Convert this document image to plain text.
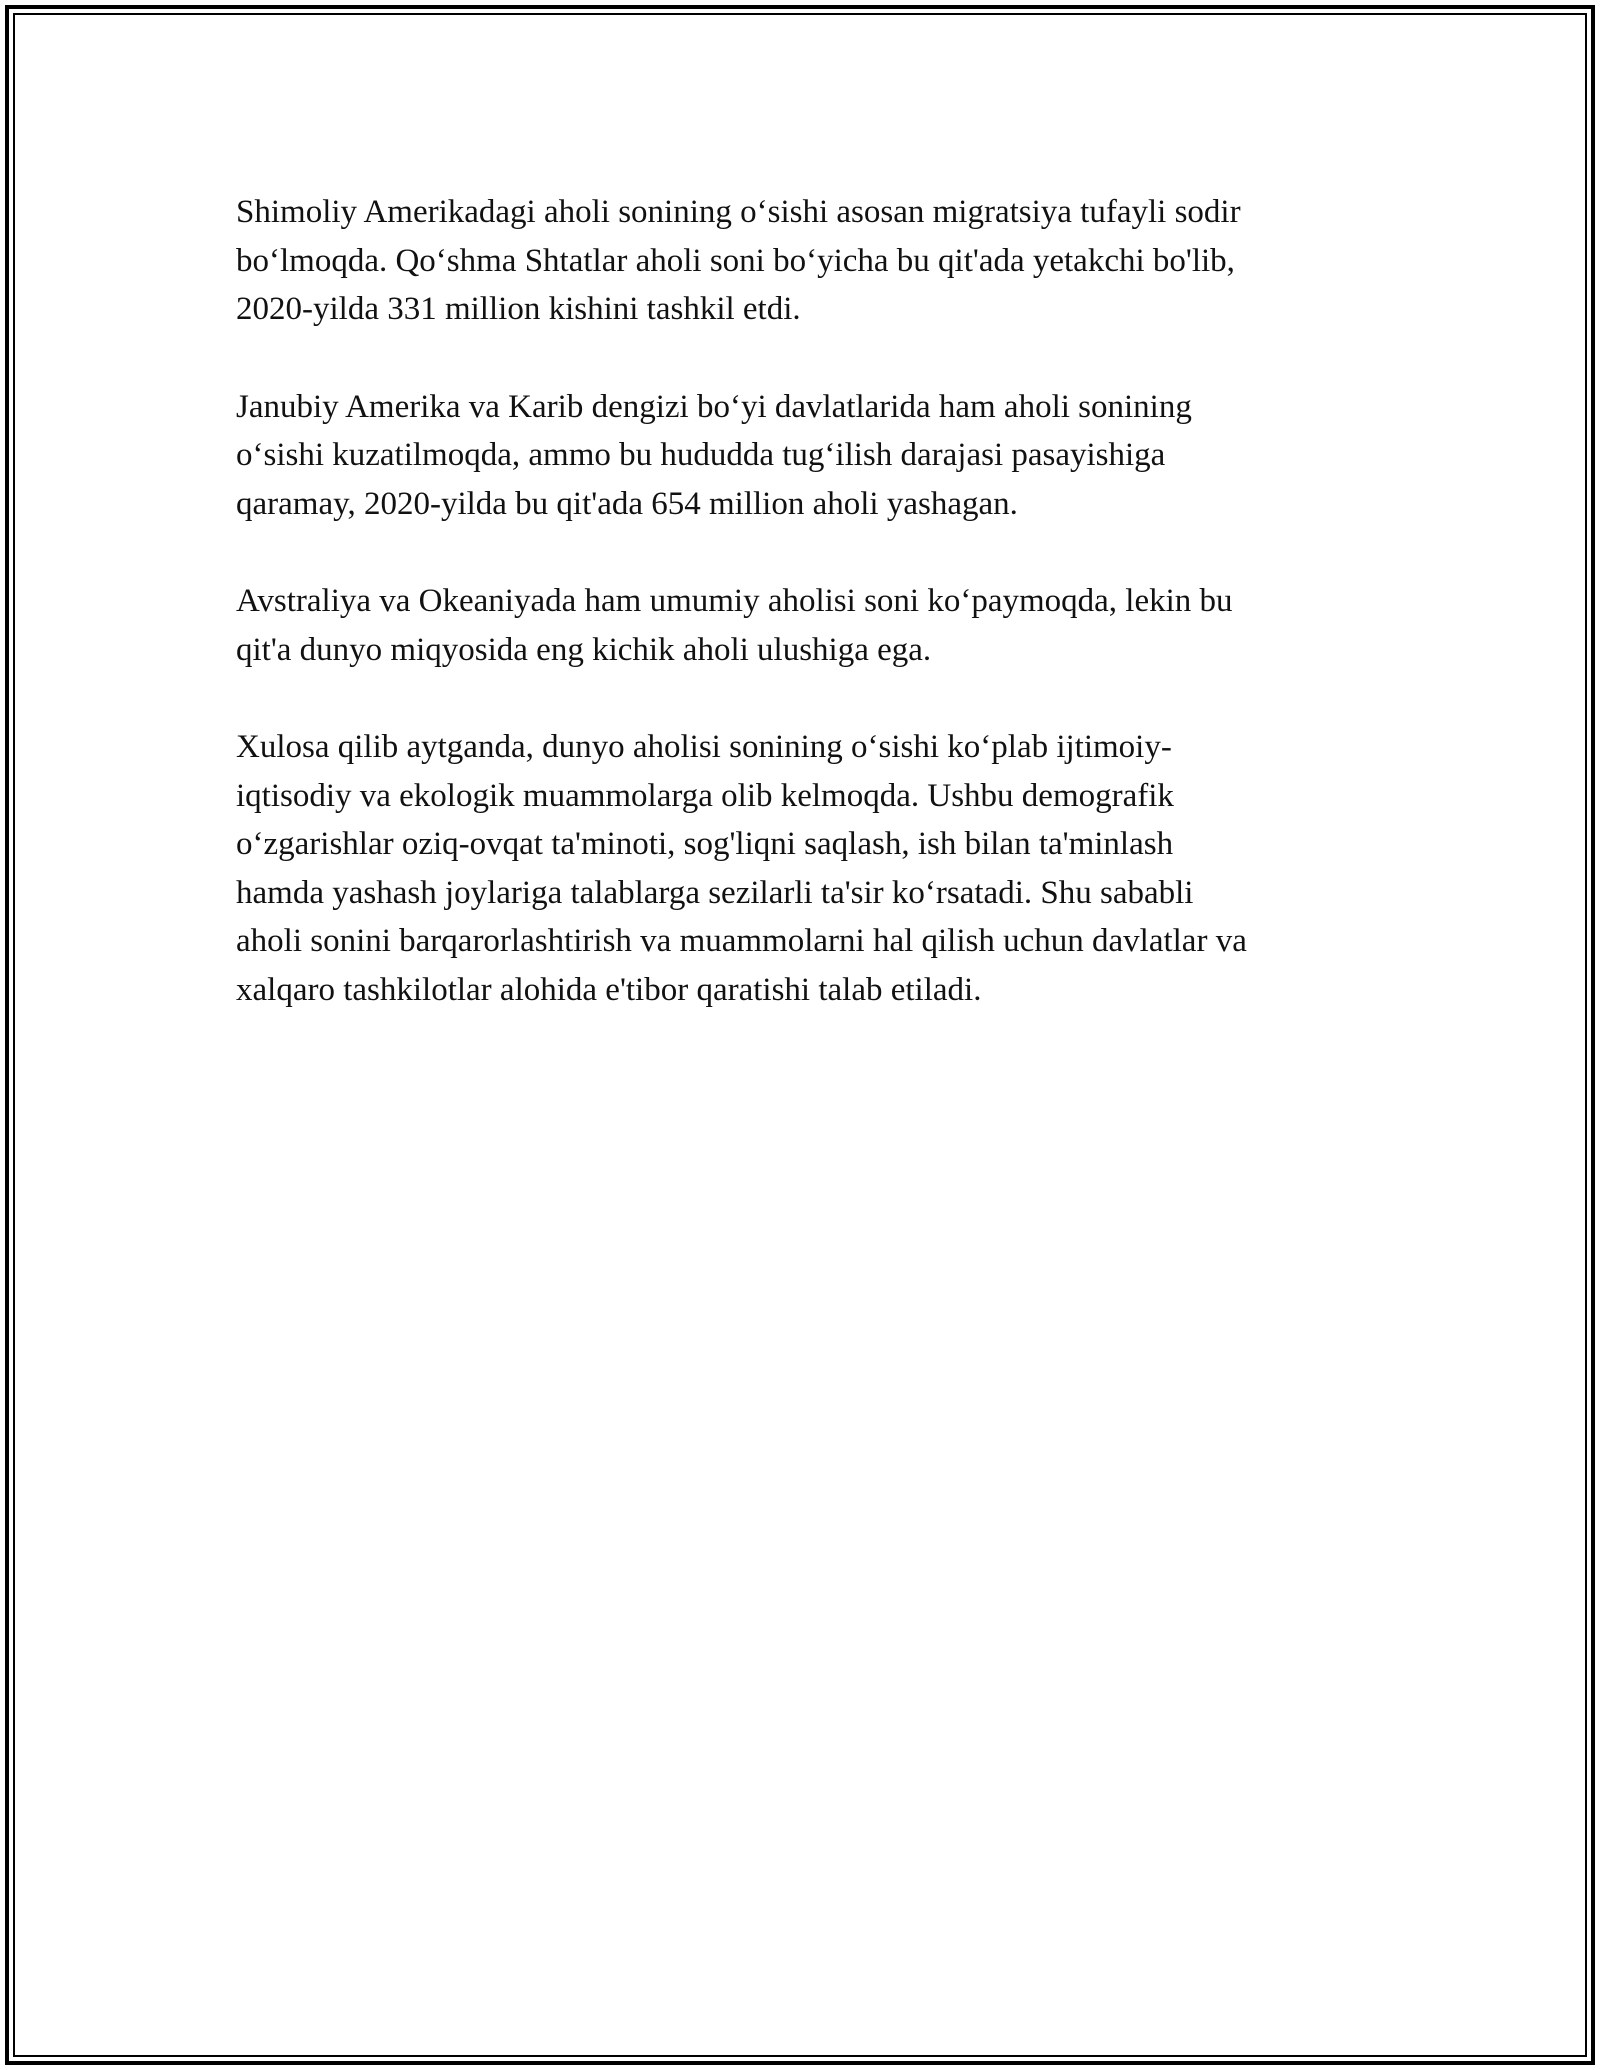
Shimoliy Amerikadagi aholi sonining o‘sishi asosan migratsiya tufayli sodir
bo‘lmoqda. Qo‘shma Shtatlar aholi soni bo‘yicha bu qit'ada yetakchi bo'lib,
2020-yilda 331 million kishini tashkil etdi.

Janubiy Amerika va Karib dengizi bo‘yi davlatlarida ham aholi sonining
o‘sishi kuzatilmoqda, ammo bu hududda tug‘ilish darajasi pasayishiga
qaramay, 2020-yilda bu qit'ada 654 million aholi yashagan.

Avstraliya va Okeaniyada ham umumiy aholisi soni ko‘paymoqda, lekin bu
qit'a dunyo miqyosida eng kichik aholi ulushiga ega.

Xulosa qilib aytganda, dunyo aholisi sonining o‘sishi ko‘plab ijtimoiy-
iqtisodiy va ekologik muammolarga olib kelmoqda. Ushbu demografik
o‘zgarishlar oziq-ovqat ta'minoti, sog'liqni saqlash, ish bilan ta'minlash
hamda yashash joylariga talablarga sezilarli ta'sir ko‘rsatadi. Shu sababli
aholi sonini barqarorlashtirish va muammolarni hal qilish uchun davlatlar va
xalqaro tashkilotlar alohida e'tibor qaratishi talab etiladi.
